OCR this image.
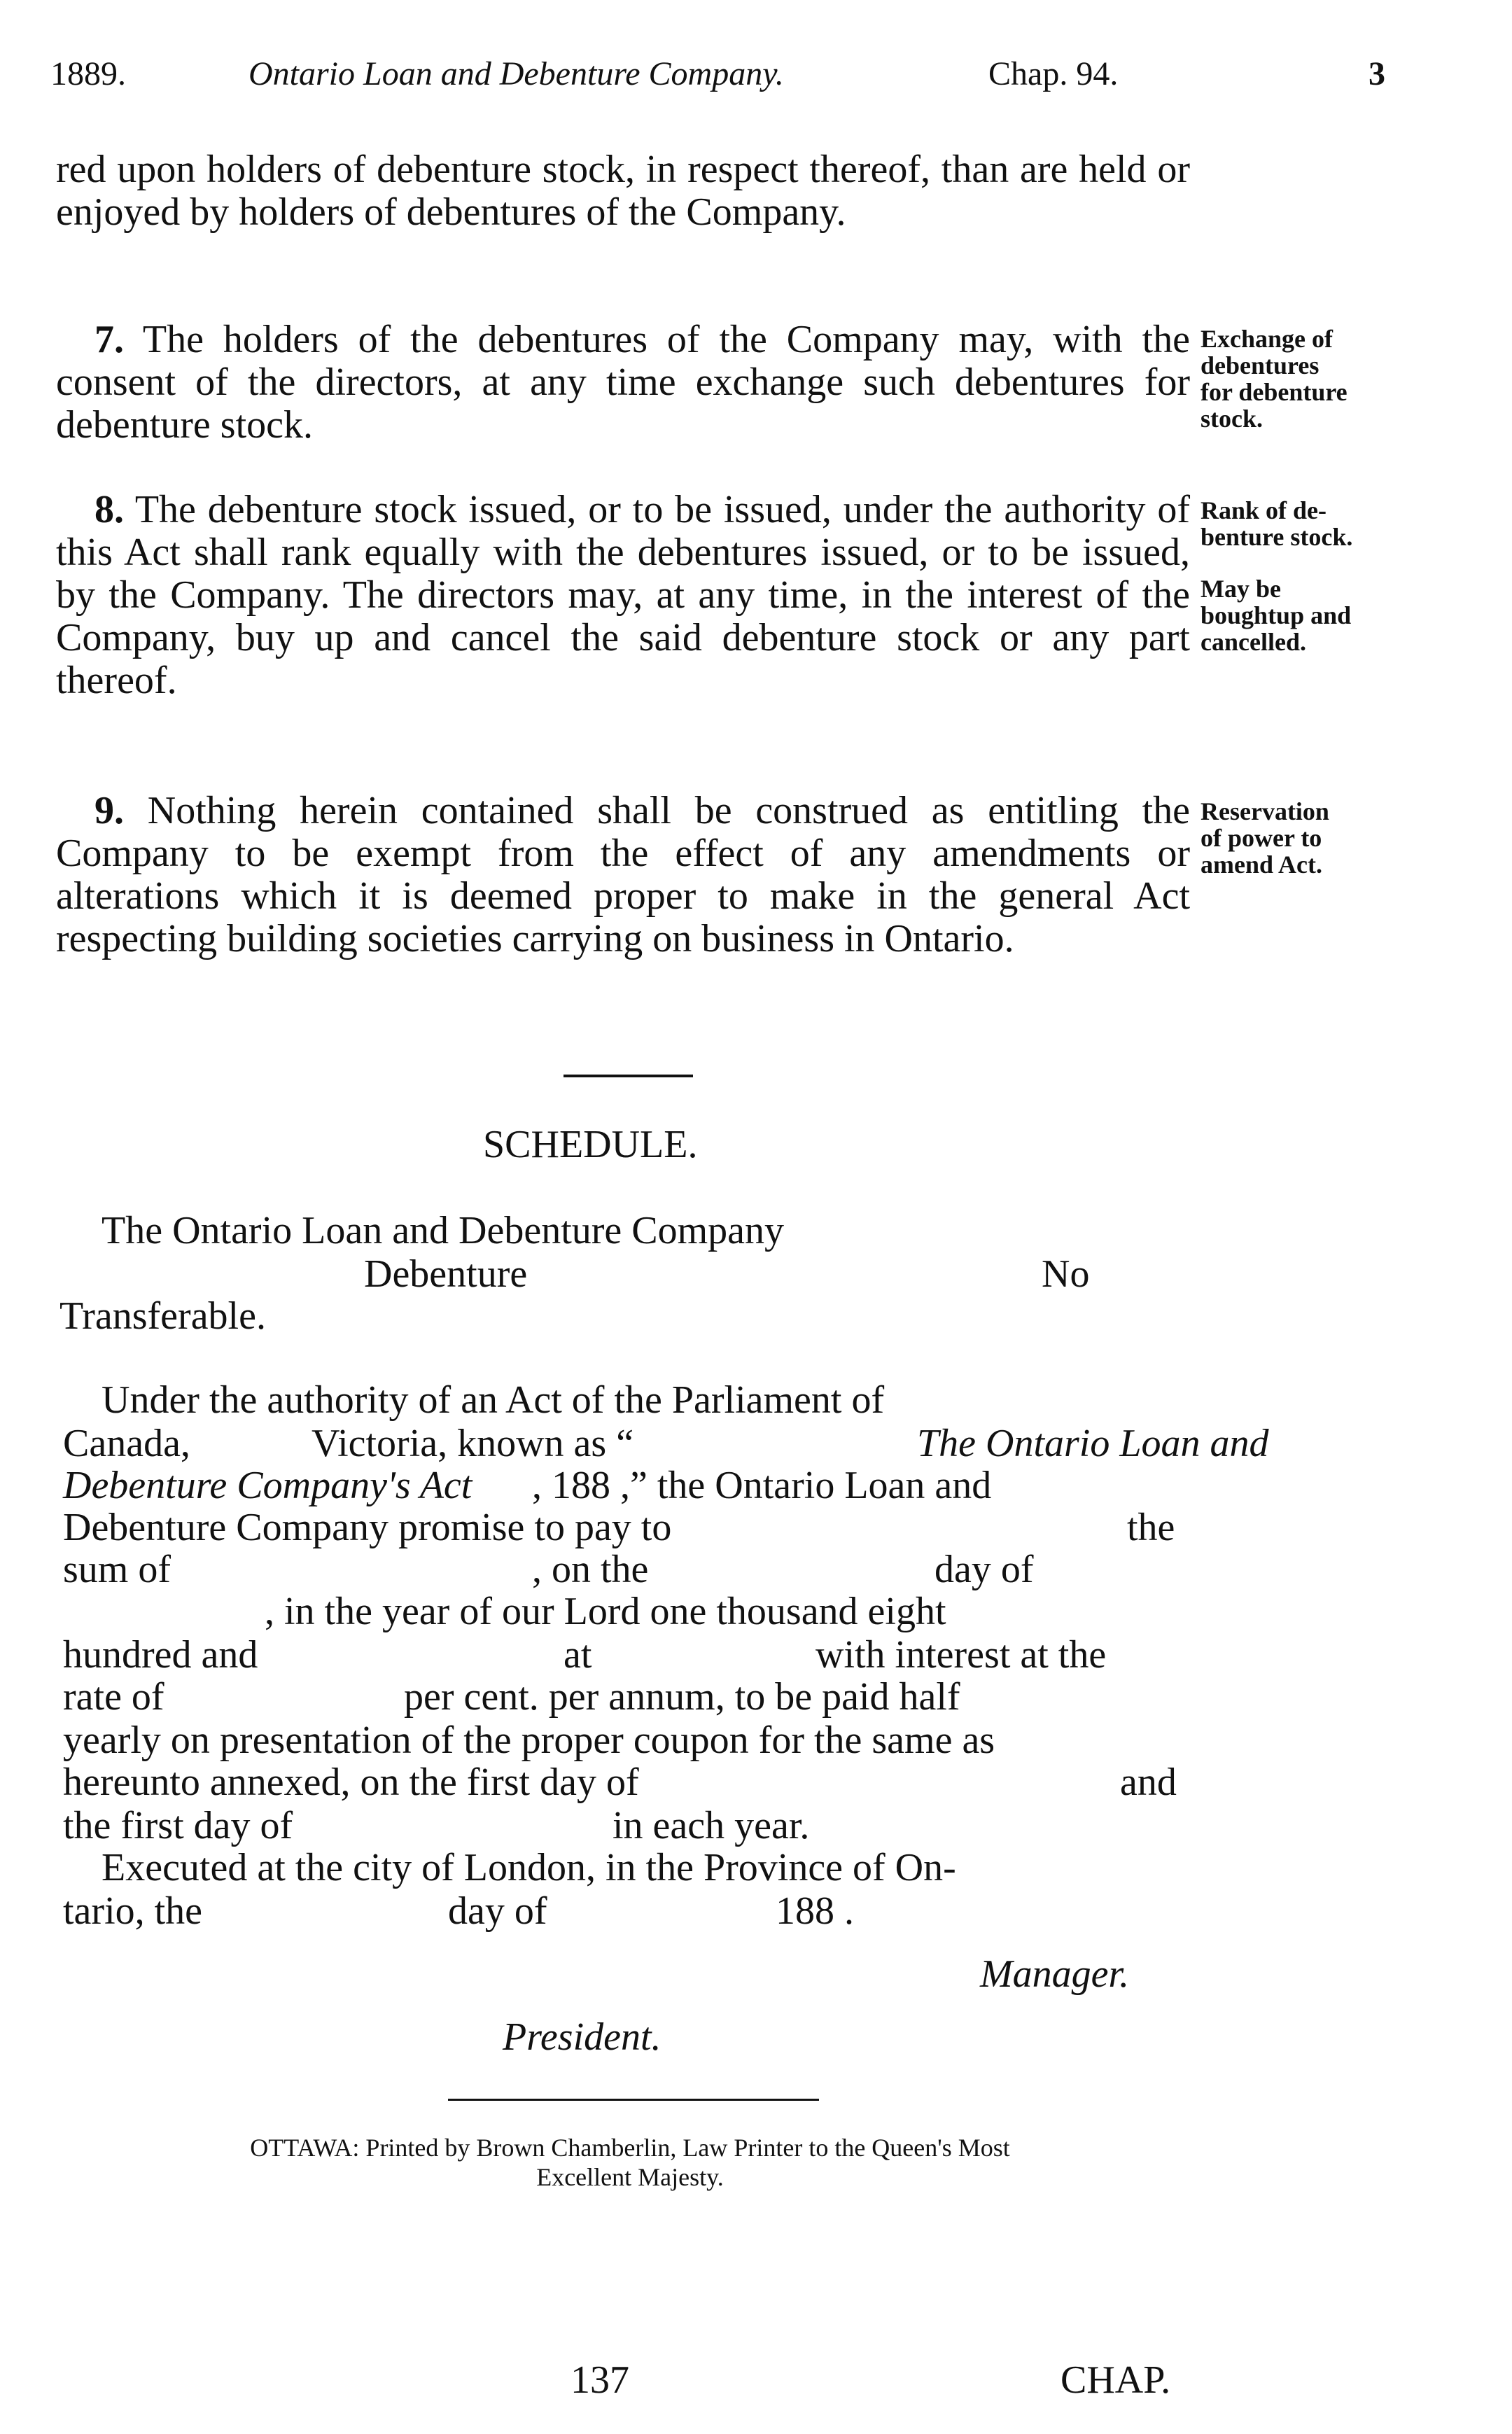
1889.	Ontario Loan and Debenture Company.	Chap. 94.	3

red upon holders of debenture stock, in respect thereof, than are held or enjoyed by holders of debentures of the Company.

7. The holders of the debentures of the Company may, with the consent of the directors, at any time exchange such debentures for debenture stock.

Exchange of
debentures
for debenture
stock.

8. The debenture stock issued, or to be issued, under the authority of this Act shall rank equally with the debentures issued, or to be issued, by the Company. The directors may, at any time, in the interest of the Company, buy up and cancel the said debenture stock or any part thereof.

Rank of de-
benture stock.
May be
boughtup and
cancelled.

9. Nothing herein contained shall be construed as entitling the Company to be exempt from the effect of any amendments or alterations which it is deemed proper to make in the general Act respecting building societies carrying on business in Ontario.

Reservation
of power to
amend Act.
SCHEDULE.
The Ontario Loan and Debenture Company
Debenture	No
Transferable.
Under the authority of an Act of the Parliament of
Canada,	Victoria, known as “	The Ontario Loan and
Debenture Company's Act , 188 ,” the Ontario Loan and
Debenture Company promise to pay to	the
sum of	, on the	day of
, in the year of our Lord one thousand eight
hundred and	at	with interest at the
rate of	per cent. per annum, to be paid half
yearly on presentation of the proper coupon for the same as
hereunto annexed, on the first day of	and
the first day of	in each year.
Executed at the city of London, in the Province of On-
tario, the	day of	188 .
Manager.
President.
OTTAWA: Printed by Brown Chamberlin, Law Printer to the Queen's Most
Excellent Majesty.
137	CHAP.
